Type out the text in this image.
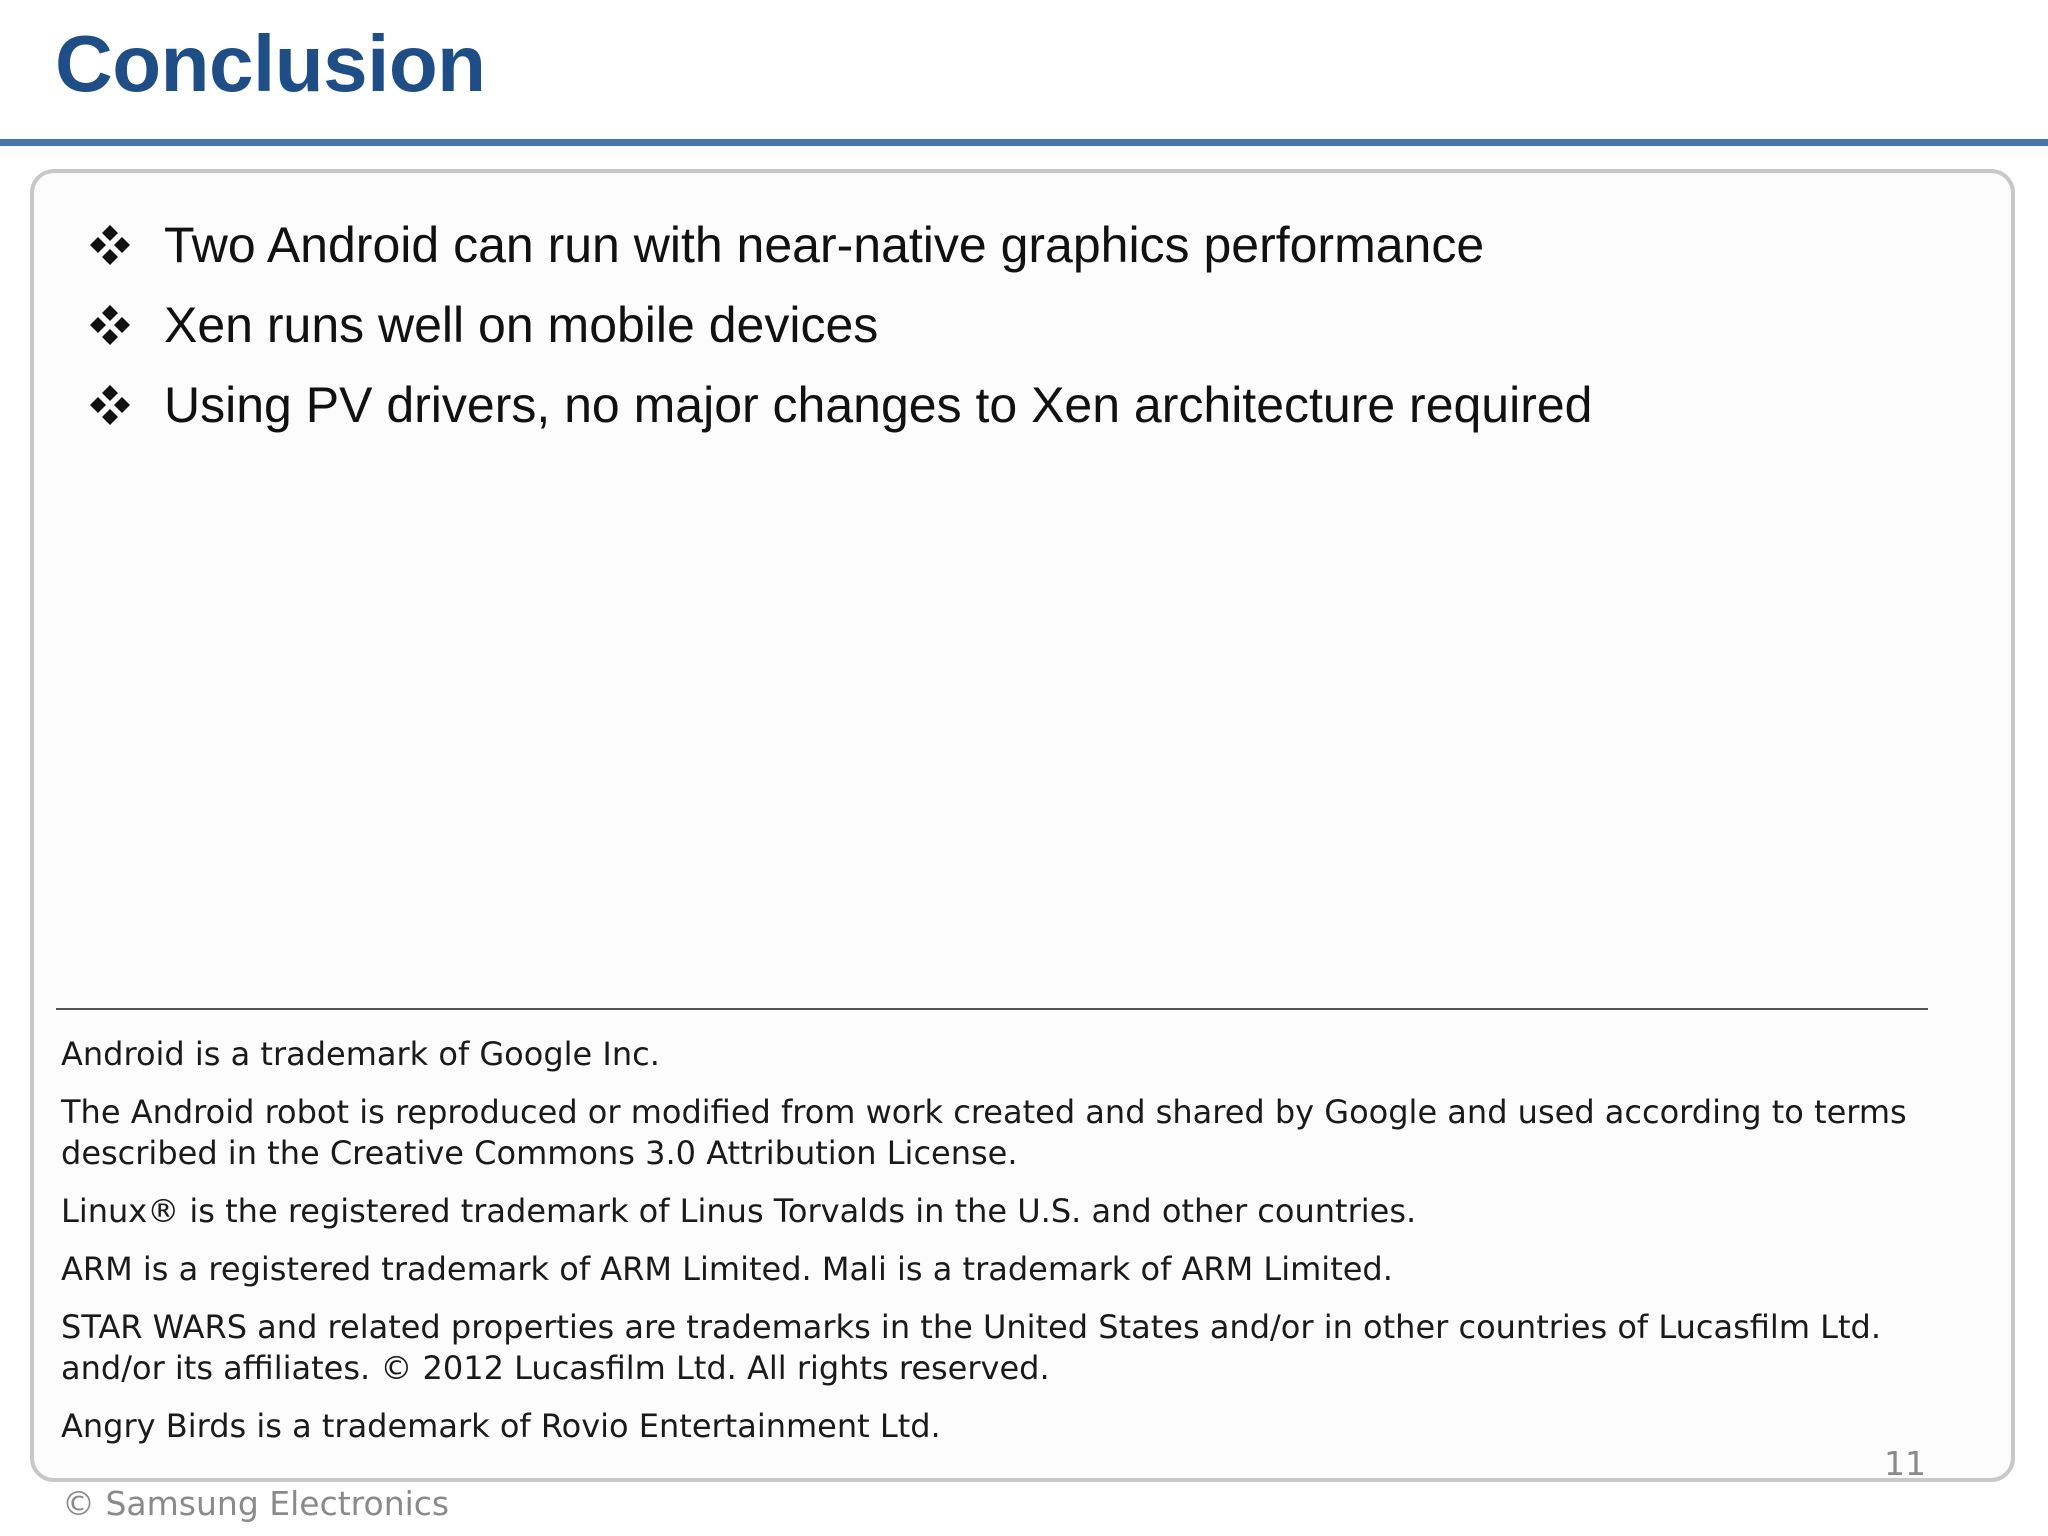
Conclusion
Two Android can run with near-native graphics performance
Xen runs well on mobile devices
Using PV drivers, no major changes to Xen architecture required

Android is a trademark of Google Inc.

The Android robot is reproduced or modified from work created and shared by Google and used according to terms described in the Creative Commons 3.0 Attribution License.

Linux® is the registered trademark of Linus Torvalds in the U.S. and other countries.

ARM is a registered trademark of ARM Limited. Mali is a trademark of ARM Limited.

STAR WARS and related properties are trademarks in the United States and/or in other countries of Lucasfilm Ltd. and/or its affiliates. © 2012 Lucasfilm Ltd. All rights reserved.

Angry Birds is a trademark of Rovio Entertainment Ltd.

11
© Samsung Electronics
